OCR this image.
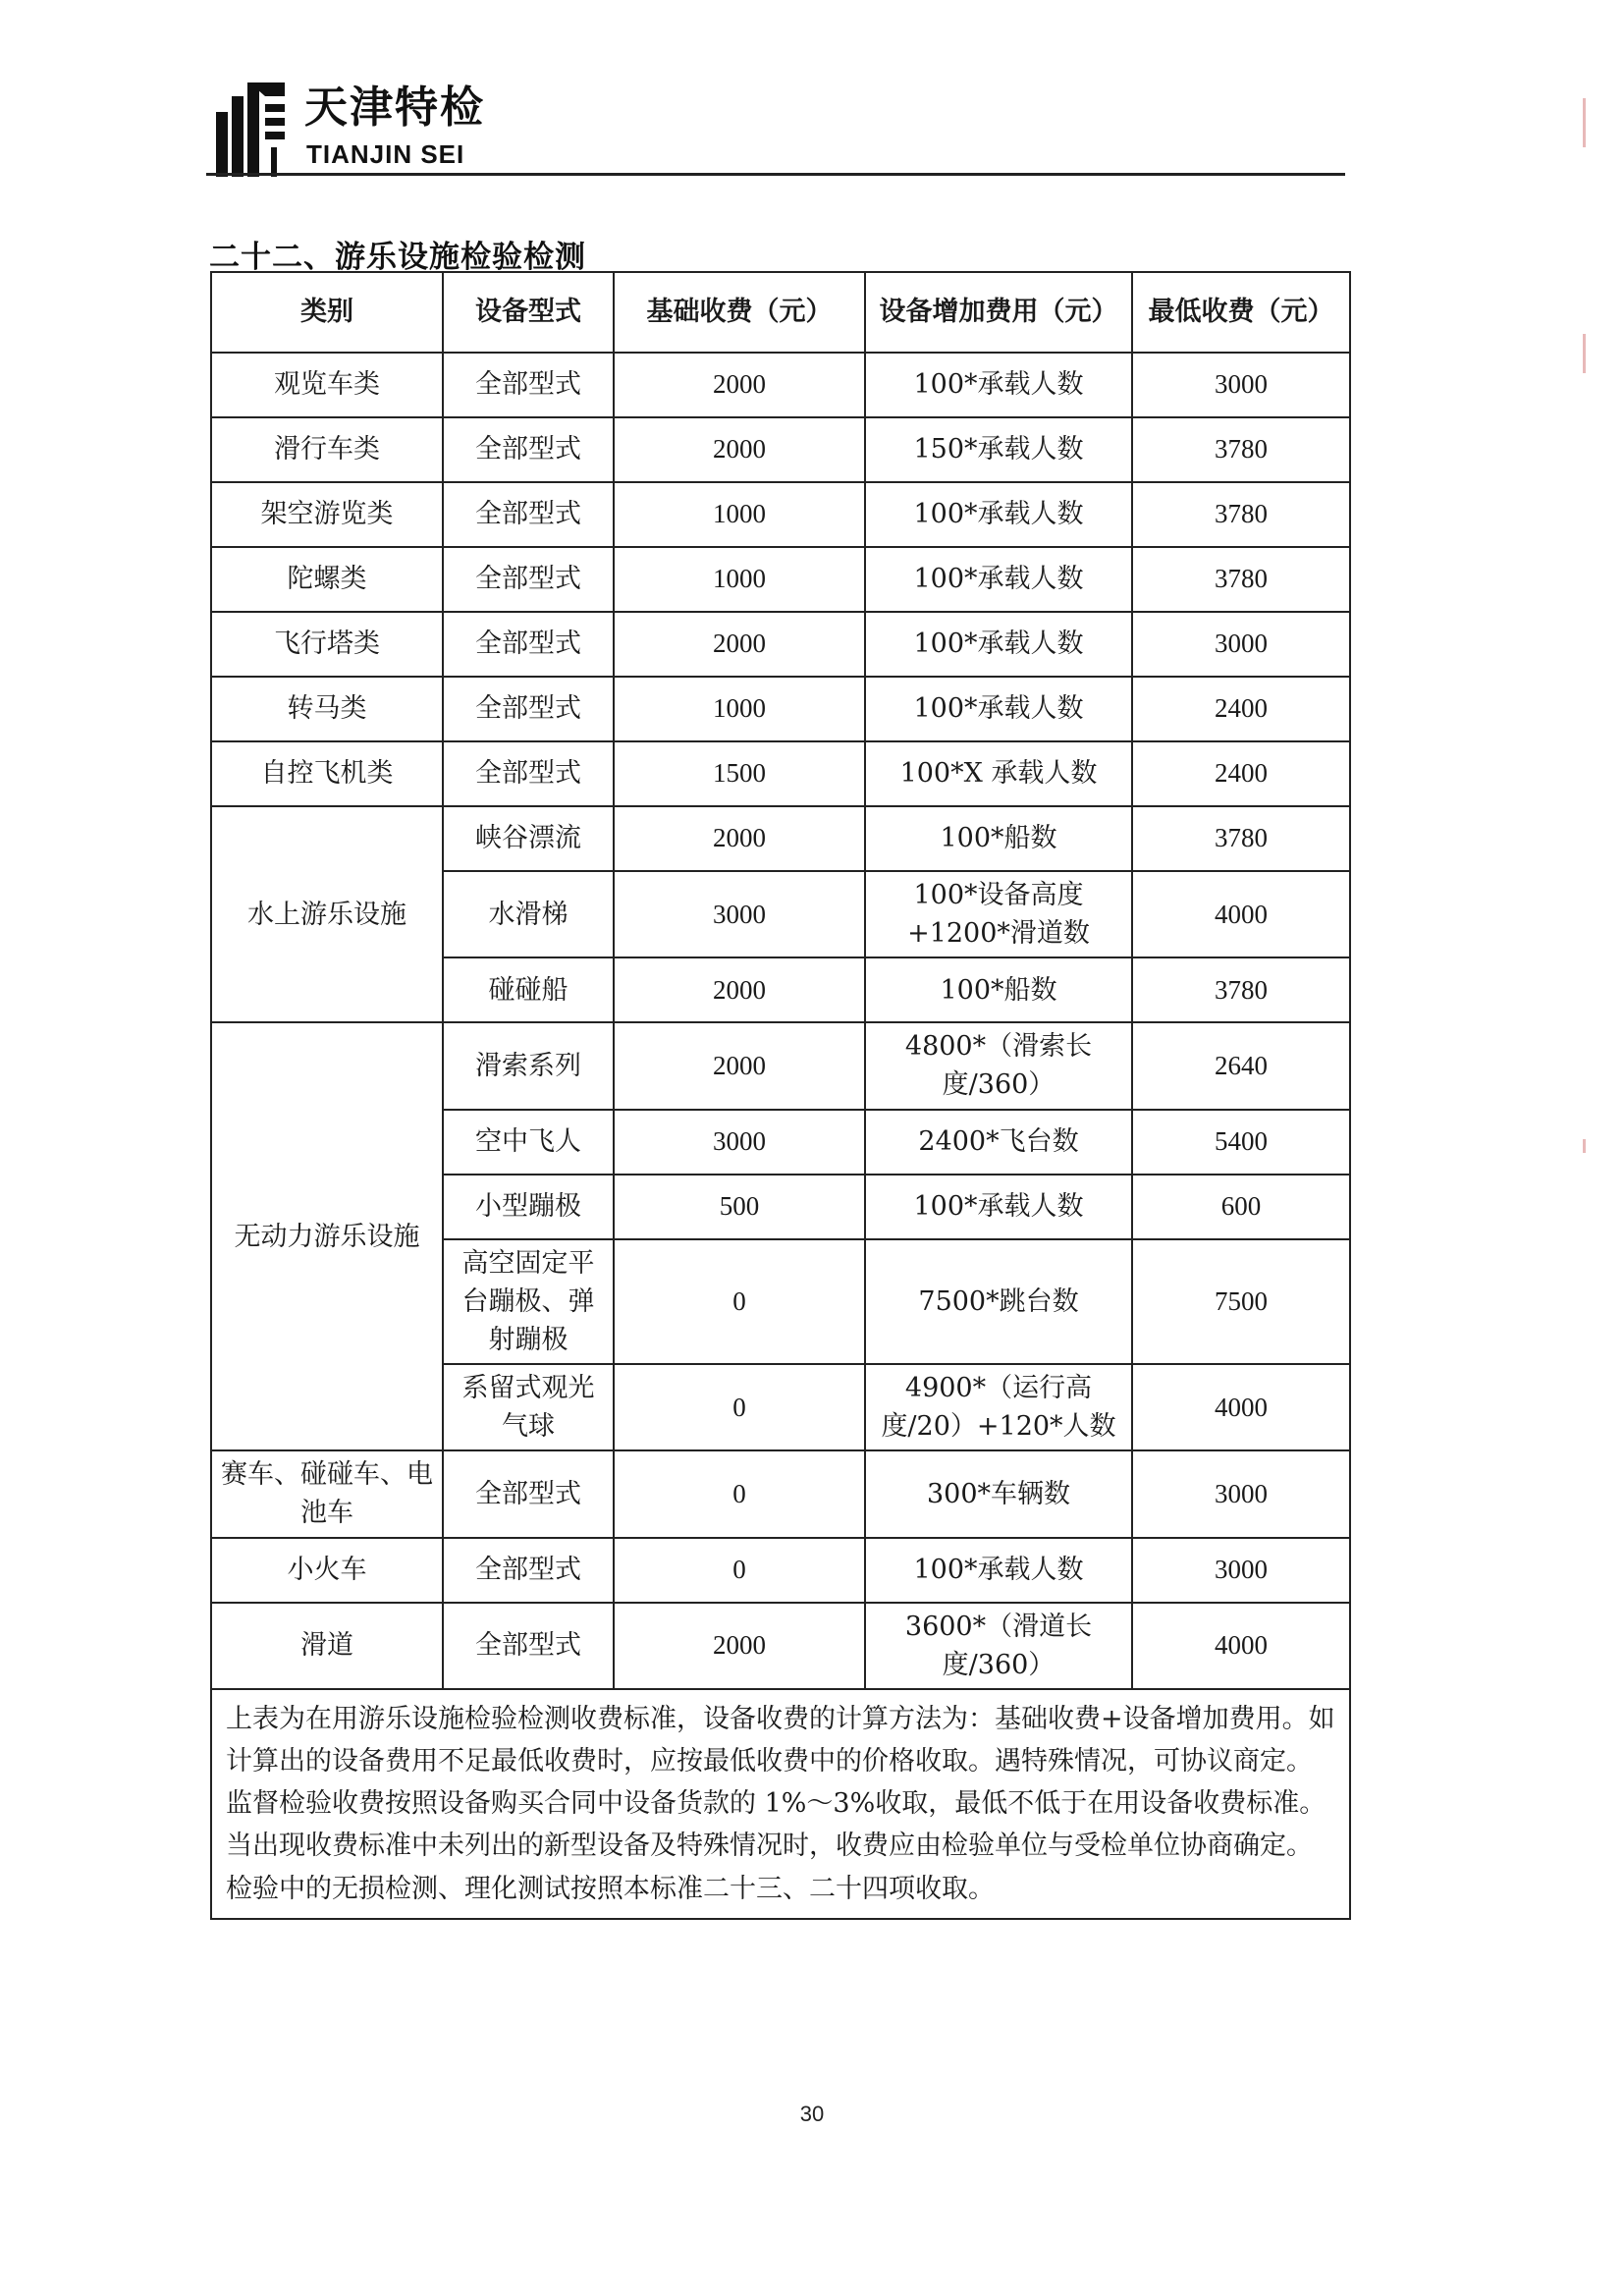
天津特检
TIANJIN SEI
二十二、游乐设施检验检测
类别	设备型式	基础收费（元）	设备增加费用（元）	最低收费（元）
观览车类	全部型式	2000	100*承载人数	3000
滑行车类	全部型式	2000	150*承载人数	3780
架空游览类	全部型式	1000	100*承载人数	3780
陀螺类	全部型式	1000	100*承载人数	3780
飞行塔类	全部型式	2000	100*承载人数	3000
转马类	全部型式	1000	100*承载人数	2400
自控飞机类	全部型式	1500	100*X 承载人数	2400
水上游乐设施	峡谷漂流	2000	100*船数	3780
	水滑梯	3000	100*设备高度+1200*滑道数	4000
	碰碰船	2000	100*船数	3780
无动力游乐设施	滑索系列	2000	4800*（滑索长度/360）	2640
	空中飞人	3000	2400*飞台数	5400
	小型蹦极	500	100*承载人数	600
	高空固定平台蹦极、弹射蹦极	0	7500*跳台数	7500
	系留式观光气球	0	4900*（运行高度/20）+120*人数	4000
赛车、碰碰车、电池车	全部型式	0	300*车辆数	3000
小火车	全部型式	0	100*承载人数	3000
滑道	全部型式	2000	3600*（滑道长度/360）	4000
上表为在用游乐设施检验检测收费标准，设备收费的计算方法为：基础收费+设备增加费用。如计算出的设备费用不足最低收费时，应按最低收费中的价格收取。遇特殊情况，可协议商定。监督检验收费按照设备购买合同中设备货款的 1%～3%收取，最低不低于在用设备收费标准。当出现收费标准中未列出的新型设备及特殊情况时，收费应由检验单位与受检单位协商确定。检验中的无损检测、理化测试按照本标准二十三、二十四项收取。				
30
